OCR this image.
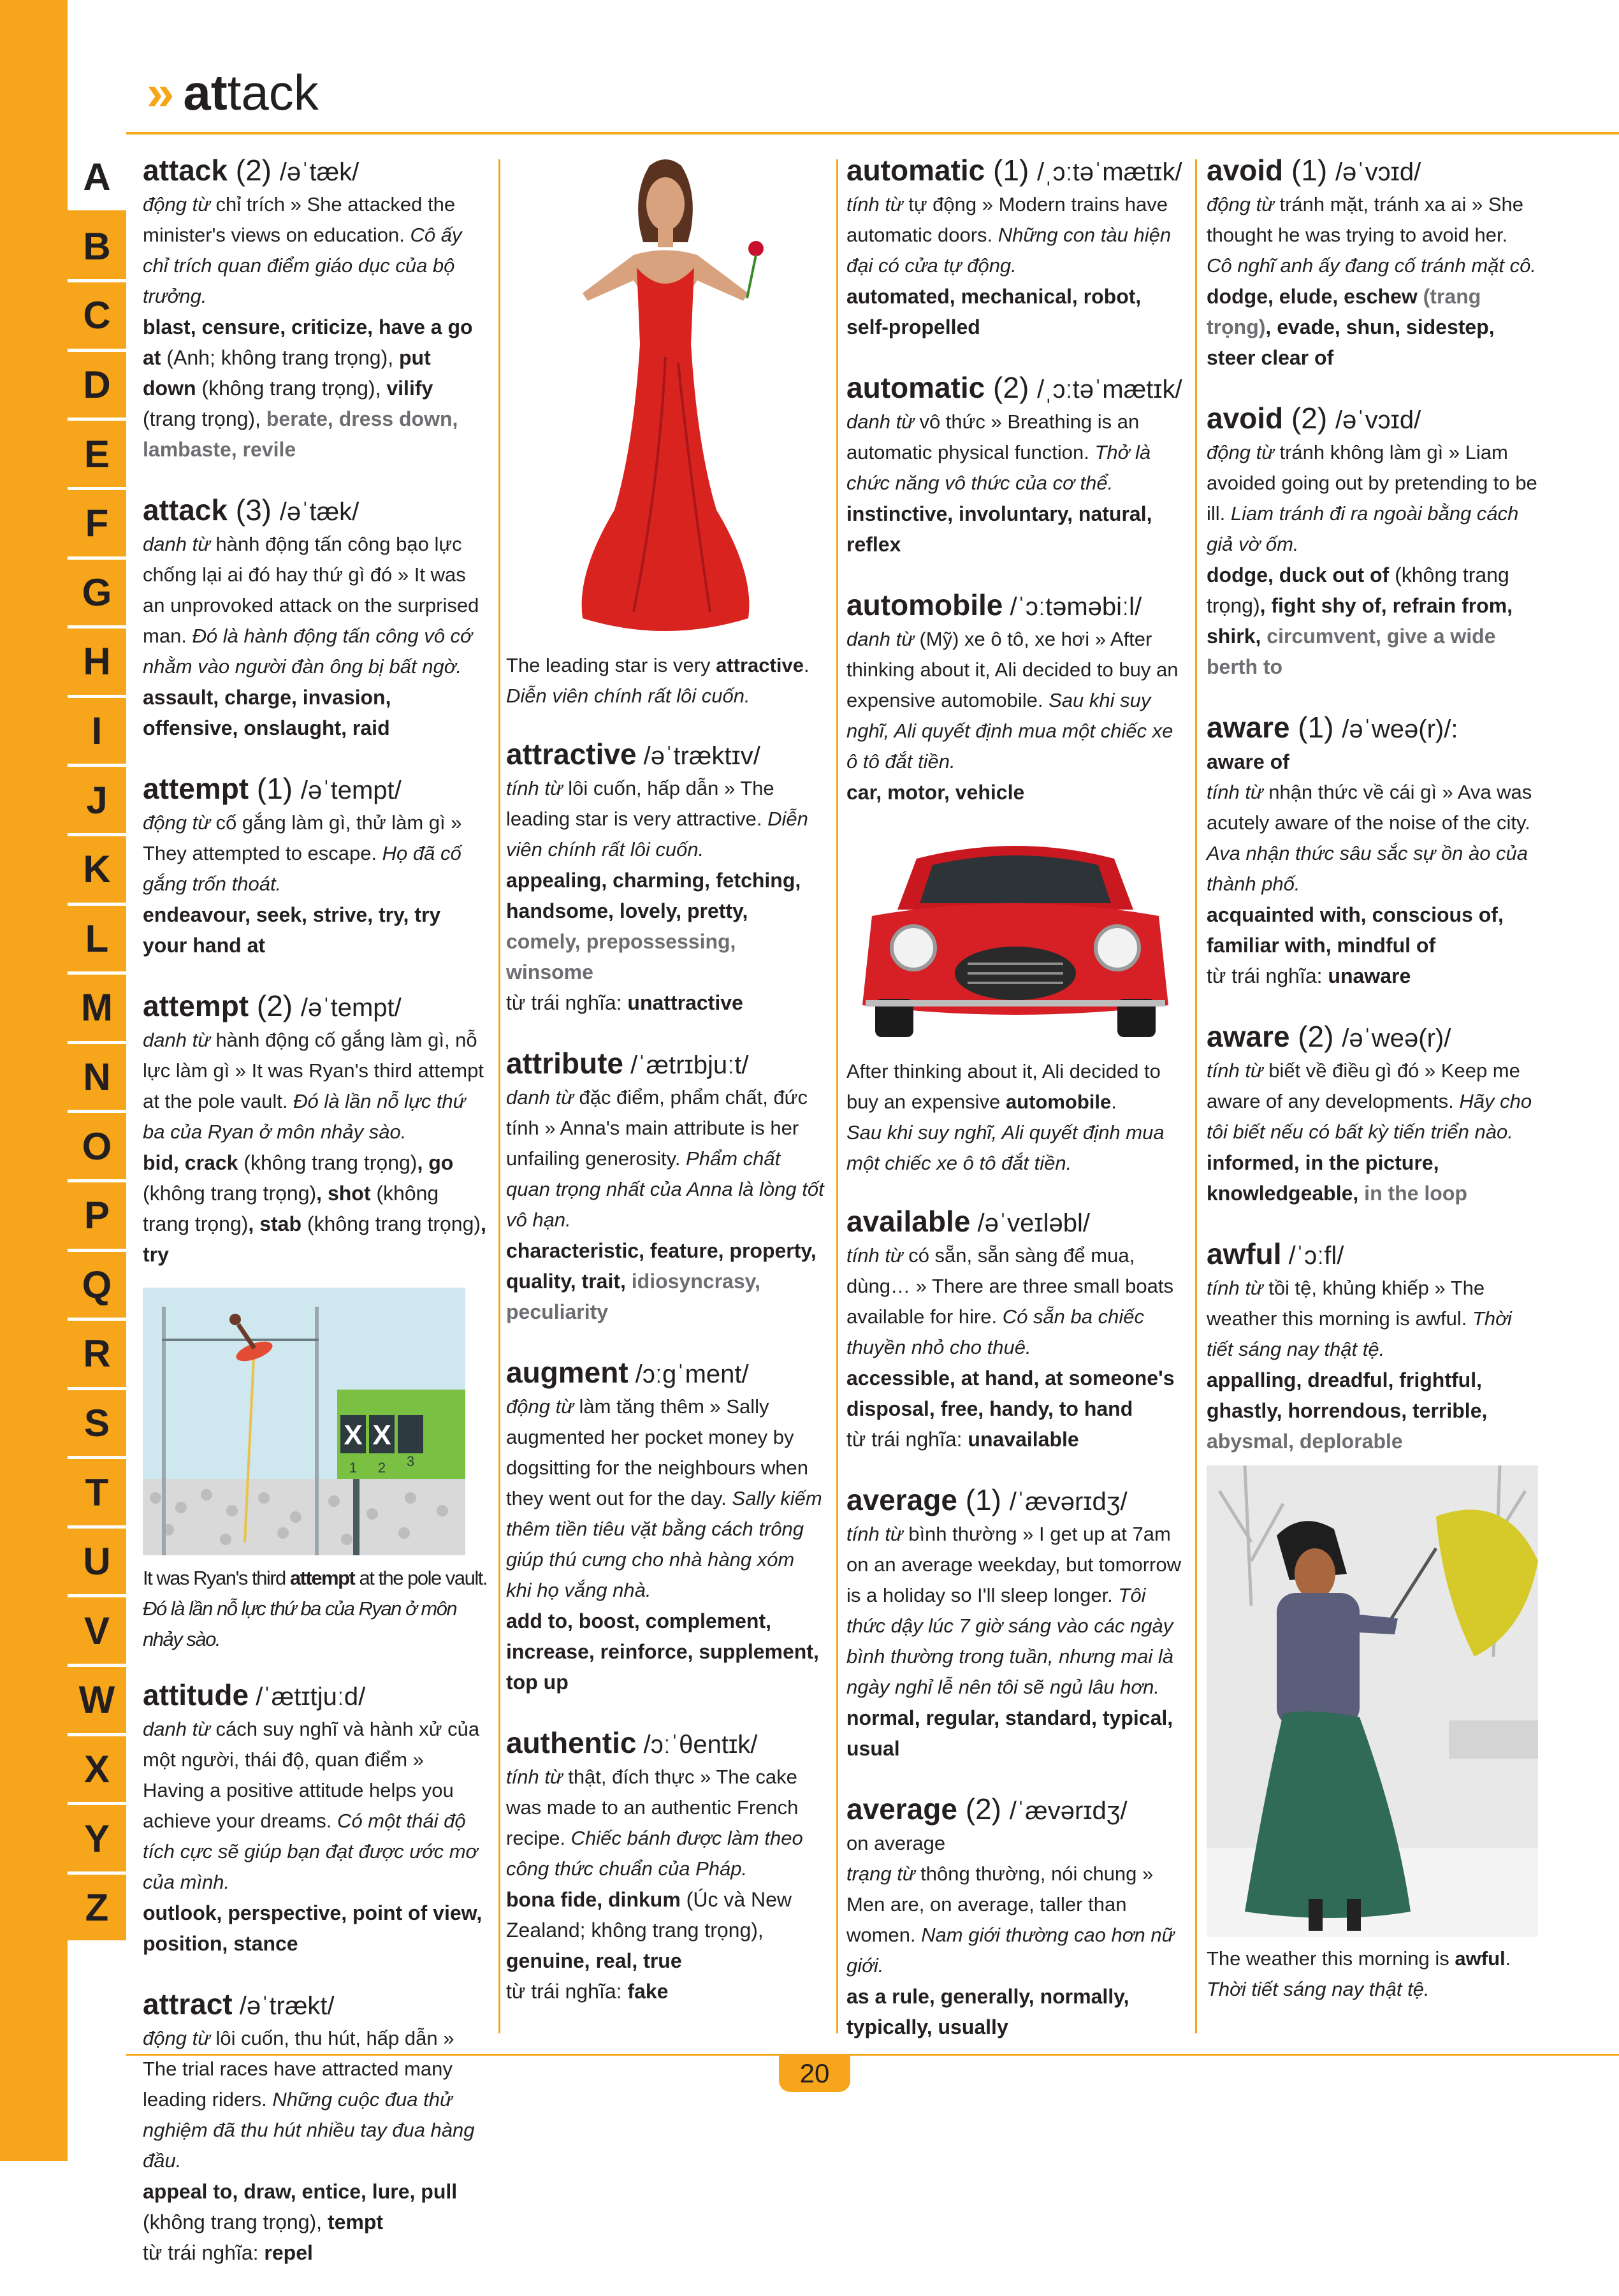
A
B
C
D
E
F
G
H
I
J
K
L
M
N
O
P
Q
R
S
T
U
V
W
X
Y
Z
» attack
attack (2) /əˈtæk/
động từ chỉ trích » She attacked the minister's views on education. Cô ấy chỉ trích quan điểm giáo dục của bộ trưởng.
blast, censure, criticize, have a go at (Anh; không trang trọng), put down (không trang trọng), vilify (trang trọng), berate, dress down, lambaste, revile
attack (3) /əˈtæk/
danh từ hành động tấn công bạo lực chống lại ai đó hay thứ gì đó » It was an unprovoked attack on the surprised man. Đó là hành động tấn công vô cớ nhằm vào người đàn ông bị bất ngờ.
assault, charge, invasion, offensive, onslaught, raid
attempt (1) /əˈtempt/
động từ cố gắng làm gì, thử làm gì » They attempted to escape. Họ đã cố gắng trốn thoát.
endeavour, seek, strive, try, try your hand at
attempt (2) /əˈtempt/
danh từ hành động cố gắng làm gì, nỗ lực làm gì » It was Ryan's third attempt at the pole vault. Đó là lần nỗ lực thứ ba của Ryan ở môn nhảy sào.
bid, crack (không trang trọng), go (không trang trọng), shot (không trang trọng), stab (không trang trọng), try
X X
1 2 3
It was Ryan's third attempt at the pole vault.
Đó là lần nỗ lực thứ ba của Ryan ở môn nhảy sào.
attitude /ˈætɪtjuːd/
danh từ cách suy nghĩ và hành xử của một người, thái độ, quan điểm » Having a positive attitude helps you achieve your dreams. Có một thái độ tích cực sẽ giúp bạn đạt được ước mơ của mình.
outlook, perspective, point of view, position, stance
attract /əˈtrækt/
động từ lôi cuốn, thu hút, hấp dẫn » The trial races have attracted many leading riders. Những cuộc đua thử nghiệm đã thu hút nhiều tay đua hàng đầu.
appeal to, draw, entice, lure, pull (không trang trọng), tempt
từ trái nghĩa: repel
The leading star is very attractive.
Diễn viên chính rất lôi cuốn.
attractive /əˈtræktɪv/
tính từ lôi cuốn, hấp dẫn » The leading star is very attractive. Diễn viên chính rất lôi cuốn.
appealing, charming, fetching, handsome, lovely, pretty, comely, prepossessing, winsome
từ trái nghĩa: unattractive
attribute /ˈætrɪbjuːt/
danh từ đặc điểm, phẩm chất, đức tính » Anna's main attribute is her unfailing generosity. Phẩm chất quan trọng nhất của Anna là lòng tốt vô hạn.
characteristic, feature, property, quality, trait, idiosyncrasy, peculiarity
augment /ɔːɡˈment/
động từ làm tăng thêm » Sally augmented her pocket money by dogsitting for the neighbours when they went out for the day. Sally kiếm thêm tiền tiêu vặt bằng cách trông giúp thú cưng cho nhà hàng xóm khi họ vắng nhà.
add to, boost, complement, increase, reinforce, supplement, top up
authentic /ɔːˈθentɪk/
tính từ thật, đích thực » The cake was made to an authentic French recipe. Chiếc bánh được làm theo công thức chuẩn của Pháp.
bona fide, dinkum (Úc và New Zealand; không trang trọng), genuine, real, true
từ trái nghĩa: fake
automatic (1) /ˌɔːtəˈmætɪk/
tính từ tự động » Modern trains have automatic doors. Những con tàu hiện đại có cửa tự động.
automated, mechanical, robot, self-propelled
automatic (2) /ˌɔːtəˈmætɪk/
danh từ vô thức » Breathing is an automatic physical function. Thở là chức năng vô thức của cơ thể.
instinctive, involuntary, natural, reflex
automobile /ˈɔːtəməbiːl/
danh từ (Mỹ) xe ô tô, xe hơi » After thinking about it, Ali decided to buy an expensive automobile. Sau khi suy nghĩ, Ali quyết định mua một chiếc xe ô tô đắt tiền.
car, motor, vehicle
After thinking about it, Ali decided to buy an expensive automobile.
Sau khi suy nghĩ, Ali quyết định mua một chiếc xe ô tô đắt tiền.
available /əˈveɪləbl/
tính từ có sẵn, sẵn sàng để mua, dùng… » There are three small boats available for hire. Có sẵn ba chiếc thuyền nhỏ cho thuê.
accessible, at hand, at someone's disposal, free, handy, to hand
từ trái nghĩa: unavailable
average (1) /ˈævərɪdʒ/
tính từ bình thường » I get up at 7am on an average weekday, but tomorrow is a holiday so I'll sleep longer. Tôi thức dậy lúc 7 giờ sáng vào các ngày bình thường trong tuần, nhưng mai là ngày nghỉ lễ nên tôi sẽ ngủ lâu hơn.
normal, regular, standard, typical, usual
average (2) /ˈævərɪdʒ/
on average
trạng từ thông thường, nói chung » Men are, on average, taller than women. Nam giới thường cao hơn nữ giới.
as a rule, generally, normally, typically, usually
avoid (1) /əˈvɔɪd/
động từ tránh mặt, tránh xa ai » She thought he was trying to avoid her. Cô nghĩ anh ấy đang cố tránh mặt cô.
dodge, elude, eschew (trang trọng), evade, shun, sidestep, steer clear of
avoid (2) /əˈvɔɪd/
động từ tránh không làm gì » Liam avoided going out by pretending to be ill. Liam tránh đi ra ngoài bằng cách giả vờ ốm.
dodge, duck out of (không trang trọng), fight shy of, refrain from, shirk, circumvent, give a wide berth to
aware (1) /əˈweə(r)/:
aware of
tính từ nhận thức về cái gì » Ava was acutely aware of the noise of the city. Ava nhận thức sâu sắc sự ồn ào của thành phố.
acquainted with, conscious of, familiar with, mindful of
từ trái nghĩa: unaware
aware (2) /əˈweə(r)/
tính từ biết về điều gì đó » Keep me aware of any developments. Hãy cho tôi biết nếu có bất kỳ tiến triển nào.
informed, in the picture, knowledgeable, in the loop
awful /ˈɔːfl/
tính từ tồi tệ, khủng khiếp » The weather this morning is awful. Thời tiết sáng nay thật tệ.
appalling, dreadful, frightful, ghastly, horrendous, terrible, abysmal, deplorable
The weather this morning is awful.
Thời tiết sáng nay thật tệ.
20
